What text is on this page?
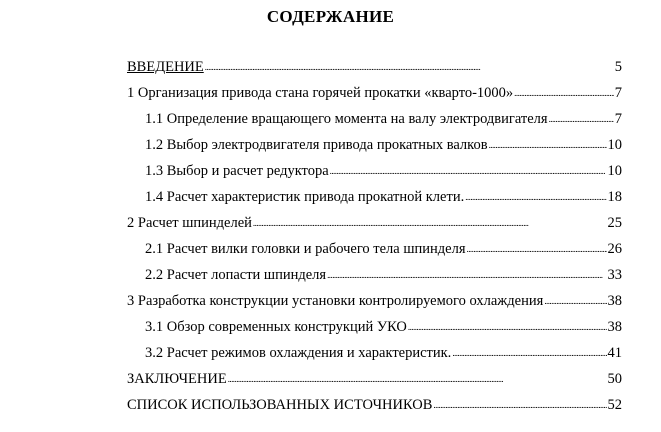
СОДЕРЖАНИЕ
ВВЕДЕНИЕ . . .	5
1 Организация привода стана горячей прокатки «кварто-1000» . . .	7
1.1 Определение вращающего момента на валу электродвигателя . . .	7
1.2 Выбор электродвигателя привода прокатных валков . . .	10
1.3 Выбор и расчет редуктора . . .	10
1.4 Расчет характеристик привода прокатной клети. . . .	18
2 Расчет шпинделей . . .	25
2.1 Расчет вилки головки и рабочего тела шпинделя . . .	26
2.2 Расчет лопасти шпинделя . . .	33
3 Разработка конструкции установки контролируемого охлаждения . . .	38
3.1 Обзор современных конструкций УКО . . .	38
3.2 Расчет режимов охлаждения и характеристик. . . .	41
ЗАКЛЮЧЕНИЕ . . .	50
СПИСОК ИСПОЛЬЗОВАННЫХ ИСТОЧНИКОВ . . .	52
